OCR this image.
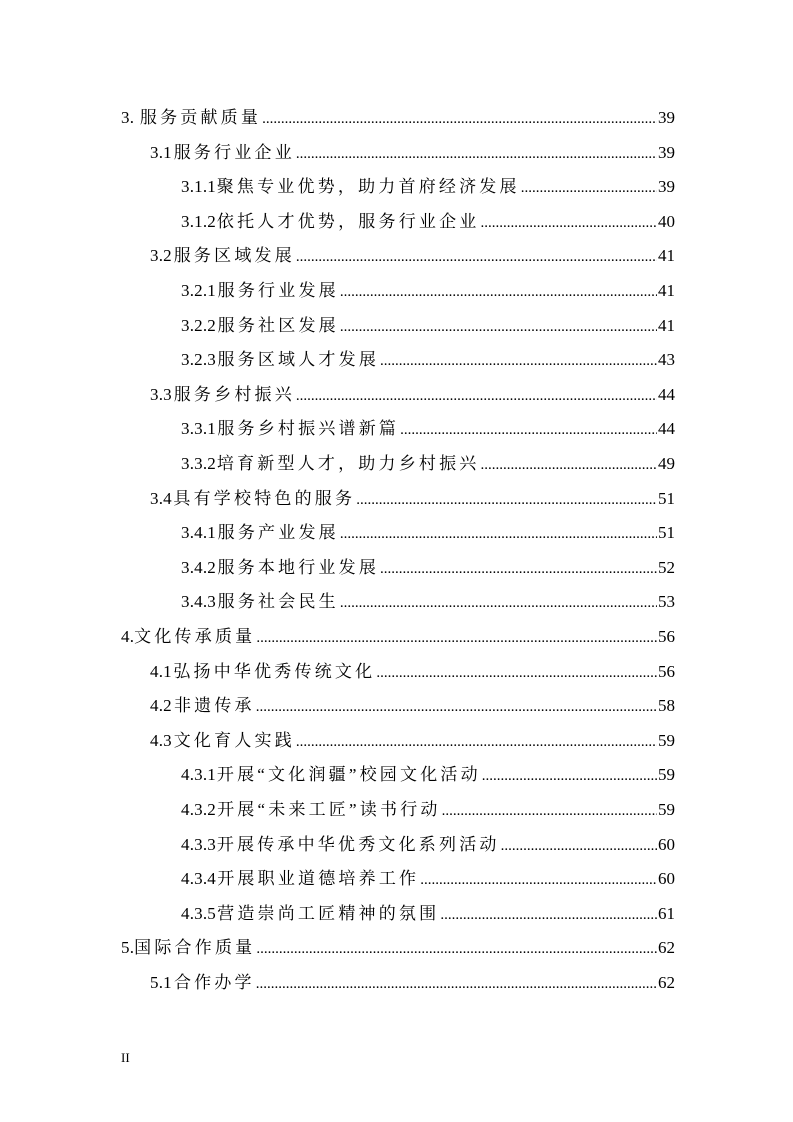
3. 服务贡献质量 .....	39
3.1 服务行业企业 .....	39
3.1.1 聚焦专业优势，助力首府经济发展 .....	39
3.1.2 依托人才优势，服务行业企业 .....	40
3.2 服务区域发展 .....	41
3.2.1 服务行业发展 .....	41
3.2.2 服务社区发展 .....	41
3.2.3 服务区域人才发展 .....	43
3.3 服务乡村振兴 .....	44
3.3.1 服务乡村振兴谱新篇 .....	44
3.3.2 培育新型人才，助力乡村振兴 .....	49
3.4 具有学校特色的服务 .....	51
3.4.1 服务产业发展 .....	51
3.4.2 服务本地行业发展 .....	52
3.4.3 服务社会民生 .....	53
4. 文化传承质量 .....	56
4.1 弘扬中华优秀传统文化 .....	56
4.2 非遗传承 .....	58
4.3 文化育人实践 .....	59
4.3.1 开展“文化润疆”校园文化活动 .....	59
4.3.2 开展“未来工匠”读书行动 .....	59
4.3.3 开展传承中华优秀文化系列活动 .....	60
4.3.4 开展职业道德培养工作 .....	60
4.3.5 营造崇尚工匠精神的氛围 .....	61
5. 国际合作质量 .....	62
5.1 合作办学 .....	62
II
